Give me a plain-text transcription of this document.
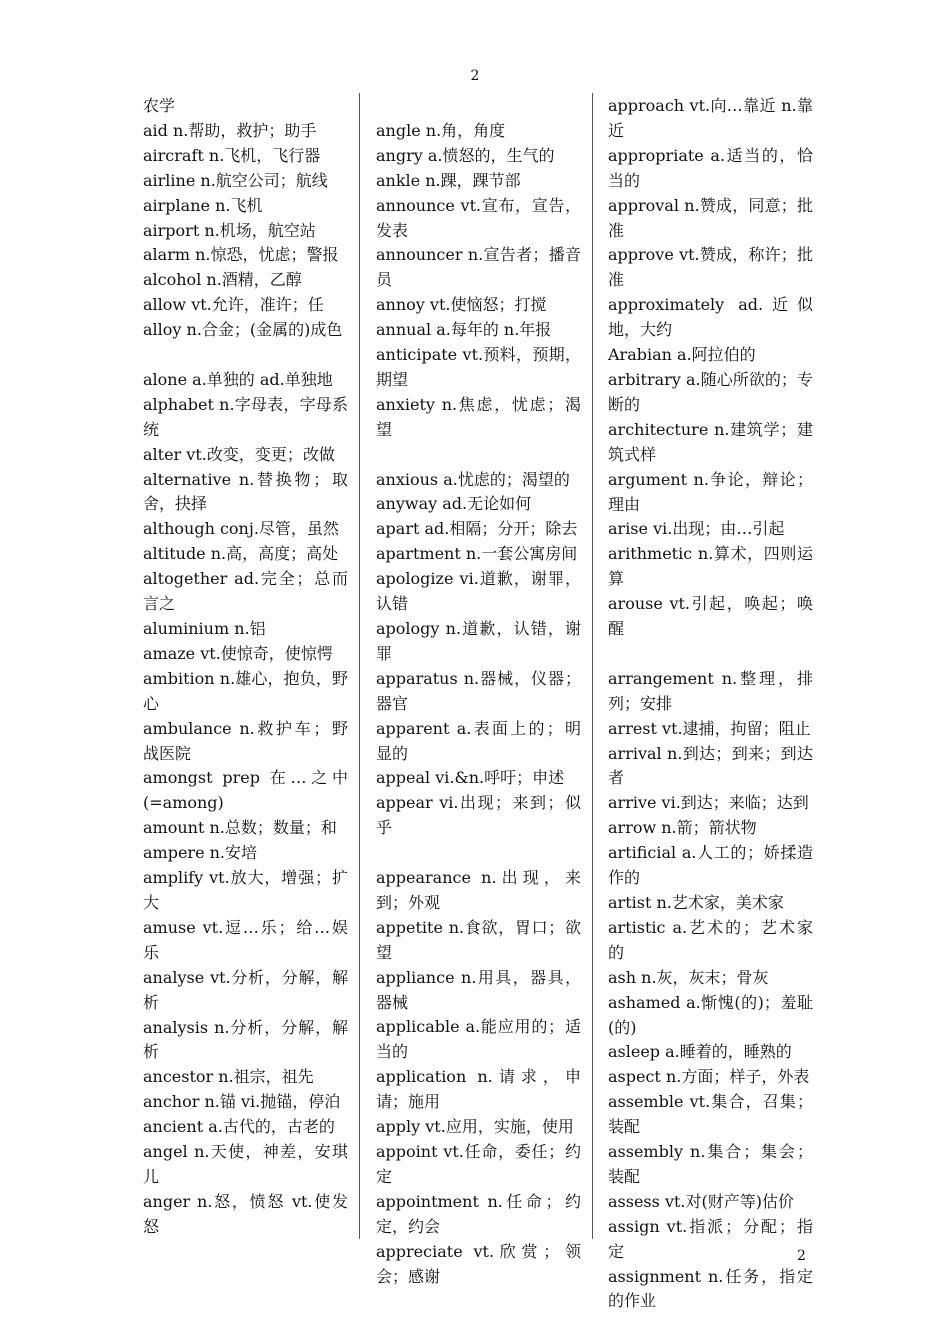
2
农学
aid n.帮助，救护；助手
aircraft n.飞机，飞行器
airline n.航空公司；航线
airplane n.飞机
airport n.机场，航空站
alarm n.惊恐，忧虑；警报
alcohol n.酒精，乙醇
allow vt.允许，准许；任
alloy n.合金；(金属的)成色
alone a.单独的 ad.单独地
alphabet n.字母表，字母系统
alter vt.改变，变更；改做
alternative n.替换物；取舍，抉择
although conj.尽管，虽然
altitude n.高，高度；高处
altogether ad.完全；总而言之
aluminium n.铝
amaze vt.使惊奇，使惊愕
ambition n.雄心，抱负，野心
ambulance n.救护车；野战医院
amongst prep 在…之中(=among)
amount n.总数；数量；和
ampere n.安培
amplify vt.放大，增强；扩大
amuse vt.逗…乐；给…娱乐
analyse vt.分析，分解，解析
analysis n.分析，分解，解析
ancestor n.祖宗，祖先
anchor n.锚 vi.抛锚，停泊
ancient a.古代的，古老的
angel n.天使，神差，安琪儿
anger n.怒，愤怒 vt.使发怒
angle n.角，角度
angry a.愤怒的，生气的
ankle n.踝，踝节部
announce vt.宣布，宣告，发表
announcer n.宣告者；播音员
annoy vt.使恼怒；打搅
annual a.每年的 n.年报
anticipate vt.预料，预期，期望
anxiety n.焦虑，忧虑；渴望
anxious a.忧虑的；渴望的
anyway ad.无论如何
apart ad.相隔；分开；除去
apartment n.一套公寓房间
apologize vi.道歉，谢罪，认错
apology n.道歉，认错，谢罪
apparatus n.器械，仪器；器官
apparent a.表面上的；明显的
appeal vi.&n.呼吁；申述
appear vi.出现；来到；似乎
appearance n.出现，来到；外观
appetite n.食欲，胃口；欲望
appliance n.用具，器具，器械
applicable a.能应用的；适当的
application n.请求，申请；施用
apply vt.应用，实施，使用
appoint vt.任命，委任；约定
appointment n.任命；约定，约会
appreciate vt.欣赏；领会；感谢
approach vt.向…靠近 n.靠近
appropriate a.适当的，恰当的
approval n.赞成，同意；批准
approve vt.赞成，称许；批准
approximately ad.近似地，大约
Arabian a.阿拉伯的
arbitrary a.随心所欲的；专断的
architecture n.建筑学；建筑式样
argument n.争论，辩论；理由
arise vi.出现；由…引起
arithmetic n.算术，四则运算
arouse vt.引起，唤起；唤醒
arrangement n.整理，排列；安排
arrest vt.逮捕，拘留；阻止
arrival n.到达；到来；到达者
arrive vi.到达；来临；达到
arrow n.箭；箭状物
artificial a.人工的；娇揉造作的
artist n.艺术家，美术家
artistic a.艺术的；艺术家的
ash n.灰，灰末；骨灰
ashamed a.惭愧(的)；羞耻(的)
asleep a.睡着的，睡熟的
aspect n.方面；样子，外表
assemble vt.集合，召集；装配
assembly n.集合；集会；装配
assess vt.对(财产等)估价
assign vt.指派；分配；指定
assignment n.任务，指定的作业
2
